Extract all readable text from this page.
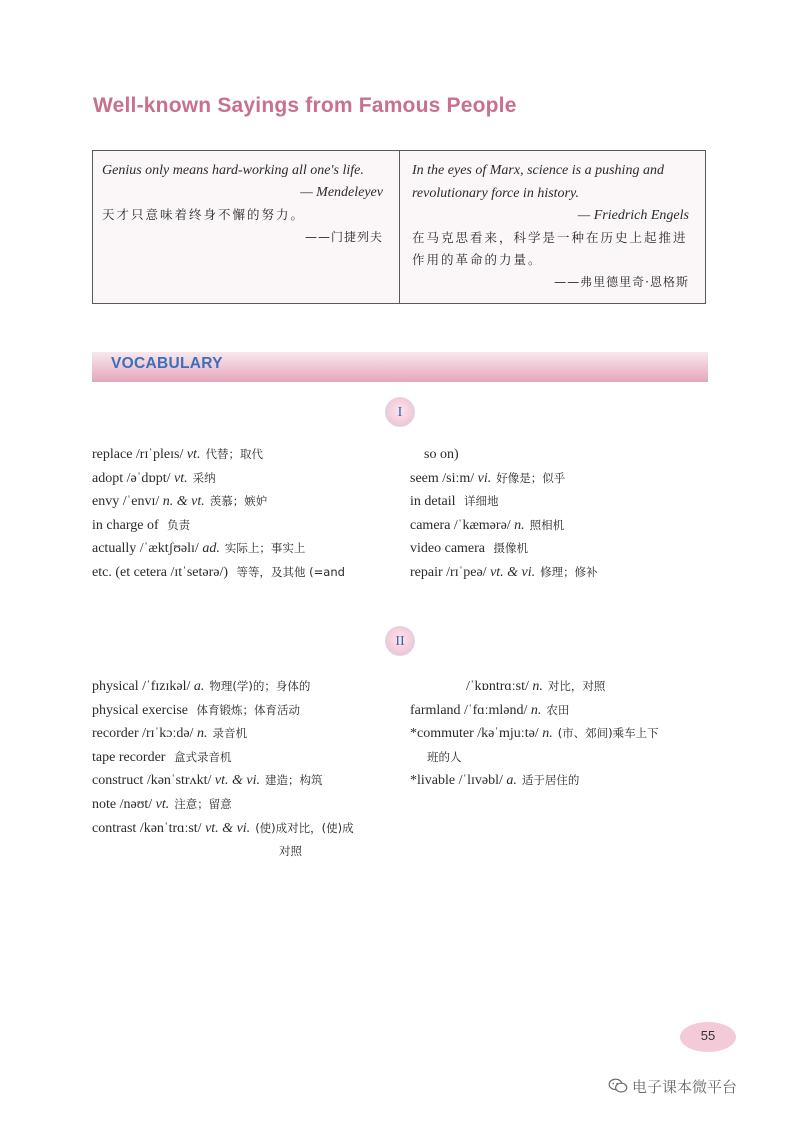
Well-known Sayings from Famous People

Genius only means hard-working all one's life.

— Mendeleyev
天才只意味着终身不懈的努力。
——门捷列夫

In the eyes of Marx, science is a pushing and revolutionary force in history.

— Friedrich Engels
在马克思看来，科学是一种在历史上起推进作用的革命的力量。
——弗里德里奇·恩格斯
VOCABULARY
I
replace /rɪˈpleɪs/ vt. 代替；取代
adopt /əˈdɒpt/ vt. 采纳
envy /ˈenvɪ/ n. & vt. 羡慕；嫉妒
in charge of 负责
actually /ˈæktʃʊəlɪ/ ad. 实际上；事实上
etc. (et cetera /ɪtˈsetərə/) 等等，及其他 (=and
so on)
seem /siːm/ vi. 好像是；似乎
in detail 详细地
camera /ˈkæmərə/ n. 照相机
video camera 摄像机
repair /rɪˈpeə/ vt. & vi. 修理；修补
II
physical /ˈfɪzɪkəl/ a. 物理(学)的；身体的
physical exercise 体育锻炼；体育活动
recorder /rɪˈkɔːdə/ n. 录音机
tape recorder 盒式录音机
construct /kənˈstrʌkt/ vt. & vi. 建造；构筑
note /nəʊt/ vt. 注意；留意
contrast /kənˈtrɑːst/ vt. & vi. (使)成对比，(使)成
对照
/ˈkɒntrɑːst/ n. 对比，对照
farmland /ˈfɑːmlənd/ n. 农田
*commuter /kəˈmjuːtə/ n. (市、郊间)乘车上下
班的人
*livable /ˈlɪvəbl/ a. 适于居住的
55
电子课本微平台
